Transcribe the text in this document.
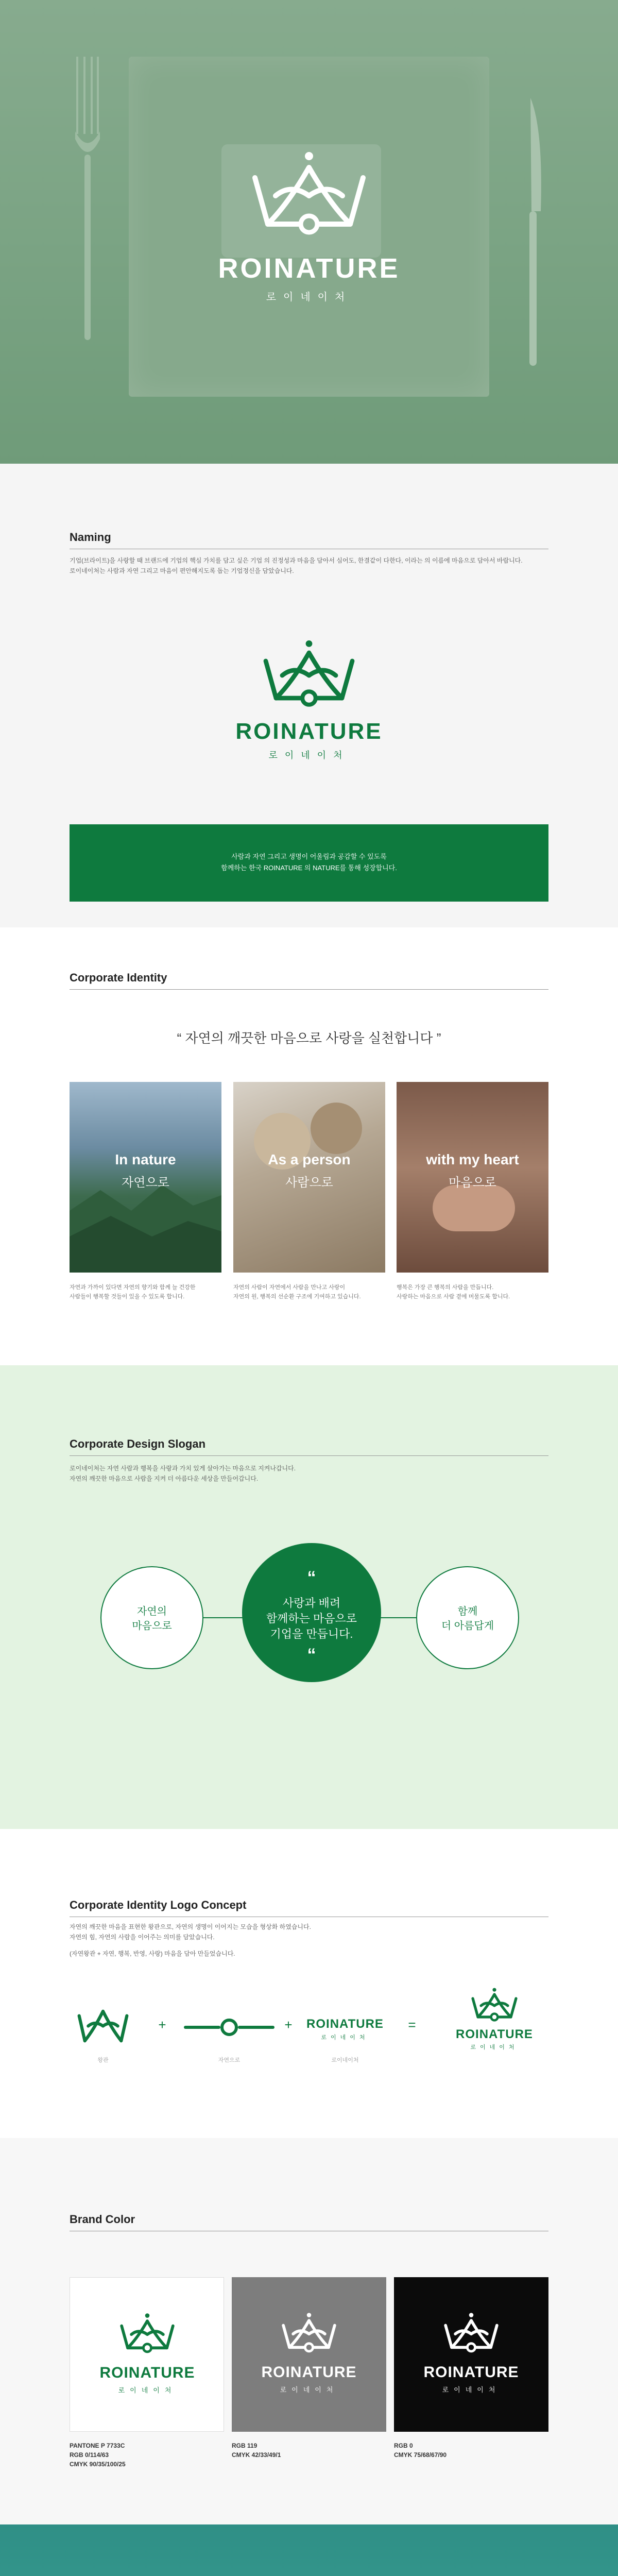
ROINATURE
로이네이처
Naming
기업(브라이트)을 사랑할 때 브랜드에 기업의 핵심 가치를 담고 싶은 기업 의 진정성과 마음을 담아서 심어도, 한결같이 다한다, 이라는 의 이름에 마음으로 담아서 바랍니다.
로이네이처는 사람과 자연 그리고 마음이 편안해지도록 돕는 기업정신을 담았습니다.
ROINATURE
로이네이처
사람과 자연 그리고 생명이 어울림과 공감할 수 있도록
함께하는 한국 ROINATURE 의 NATURE를 통해 성장합니다.
Corporate Identity
“ 자연의 깨끗한 마음으로 사랑을 실천합니다 ”
In nature
자연으로
As a person
사람으로
with my heart
마음으로
자연과 가까이 있다면 자연의 향기와 함께 늘 건강한
사람들이 행복할 것들이 있을 수 있도록 합니다.
자연의 사람이 자연에서 사람을 만나고 사랑이
자연의 원, 행복의 선순환 구조에 기여하고 있습니다.
행복은 가장 큰 행복의 사람을 만듭니다.
사랑하는 마음으로 사람 곁에 머물도록 합니다.
Corporate Design Slogan
로이네이처는 자연 사람과 행복을 사랑과 가치 있게 살아가는 마음으로 지켜나갑니다.
자연의 깨끗한 마음으로 사람을 지켜 더 아름다운 세상을 만들어갑니다.
자연의
마음으로
“
사랑과 배려
함께하는 마음으로
기업을 만듭니다.
“
함께
더 아름답게
Corporate Identity Logo Concept
자연의 깨끗한 마음을 표현한 왕관으로, 자연의 생명이 이어지는 모습을 형상화 하였습니다.
자연의 힘, 자연의 사람을 이어주는 의미를 담았습니다.
(자연왕관 + 자연, 행복, 반영, 사랑) 마음을 담아 만들었습니다.
왕관
+
자연으로
+	ROINATURE
로이네이처
로이네이처
=
ROINATURE
로이네이처
Brand Color
ROINATURE
로이네이처
ROINATURE
로이네이처
ROINATURE
로이네이처
PANTONE P 7733C
RGB 0/114/63
CMYK 90/35/100/25
RGB 119
CMYK 42/33/49/1
RGB 0
CMYK 75/68/67/90
